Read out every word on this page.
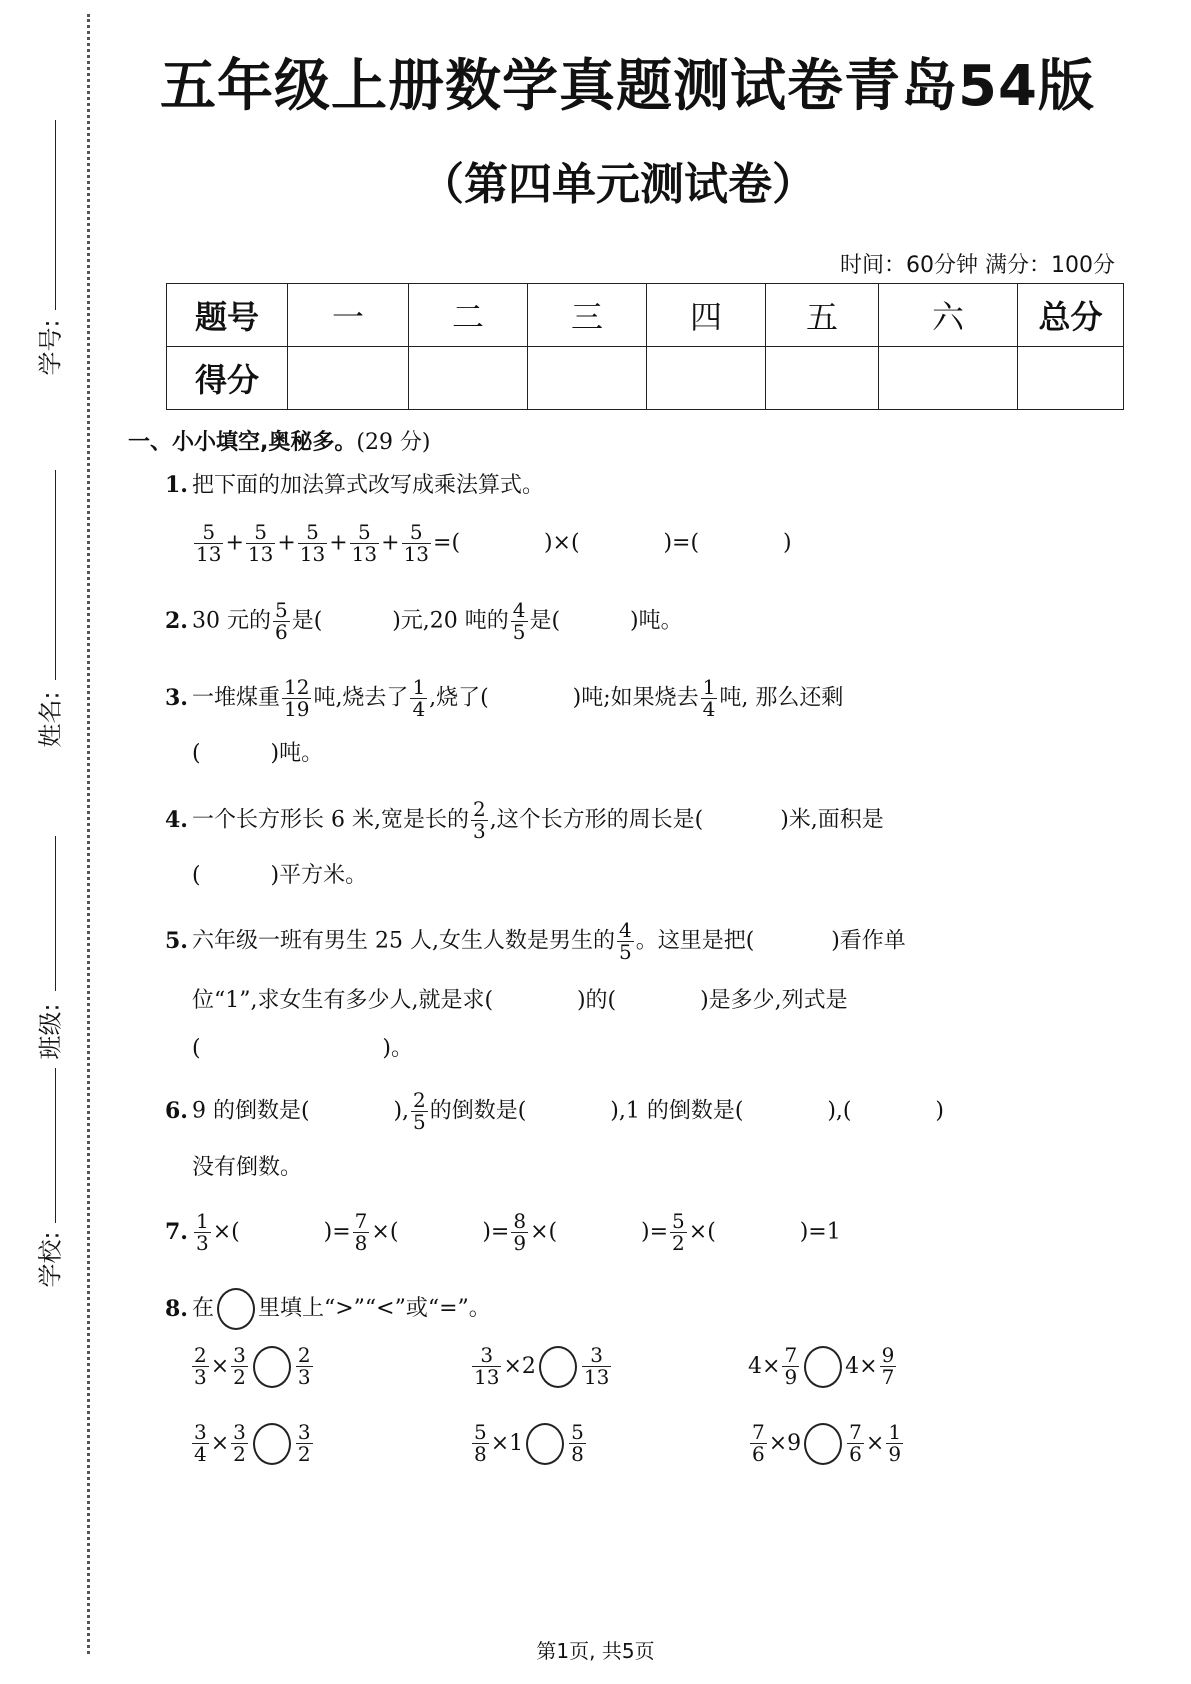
学号:
姓名:
班级:
学校:
五年级上册数学真题测试卷青岛54版
（第四单元测试卷）
时间：60分钟 满分：100分
题号	一	二	三	四	五	六	总分
得分							
一、小小填空,奥秘多。(29 分)
1. 把下面的加法算式改写成乘法算式。
$\frac{5}{13} + \frac{5}{13} + \frac{5}{13} + \frac{5}{13} + \frac{5}{13}$ =(            )×(            )=(            )
2. 30 元的 $\frac{5}{6}$ 是(          )元,20 吨的 $\frac{4}{5}$ 是(          )吨。
3. 一堆煤重 $\frac{12}{19}$ 吨,烧去了 $\frac{1}{4}$ ,烧了(            )吨;如果烧去 $\frac{1}{4}$ 吨, 那么还剩
(          )吨。
4. 一个长方形长 6 米,宽是长的 $\frac{2}{3}$ ,这个长方形的周长是(           )米,面积是
(          )平方米。
5. 六年级一班有男生 25 人,女生人数是男生的 $\frac{4}{5}$ 。这里是把(           )看作单
位“1”,求女生有多少人,就是求(            )的(            )是多少,列式是
(                          )。
6. 9 的倒数是(            ), $\frac{2}{5}$ 的倒数是(            ),1 的倒数是(            ),(            )
没有倒数。
7. $\frac{1}{3}$ ×(            )= $\frac{7}{8}$ ×(            )= $\frac{8}{9}$ ×(            )= $\frac{5}{2}$ ×(            )=1
8. 在 里填上“>”“<”或“=”。
$\frac{2}{3} \times \frac{3}{2} \frac{2}{3}$	$\frac{3}{13} \times 2 \frac{3}{13}$	$4\times \frac{7}{9} 4\times \frac{9}{7}$
$\frac{3}{4} \times \frac{3}{2} \frac{3}{2}$	$\frac{5}{8} \times 1 \frac{5}{8}$	$\frac{7}{6} \times 9 \frac{7}{6} \times \frac{1}{9}$
第1页, 共5页
